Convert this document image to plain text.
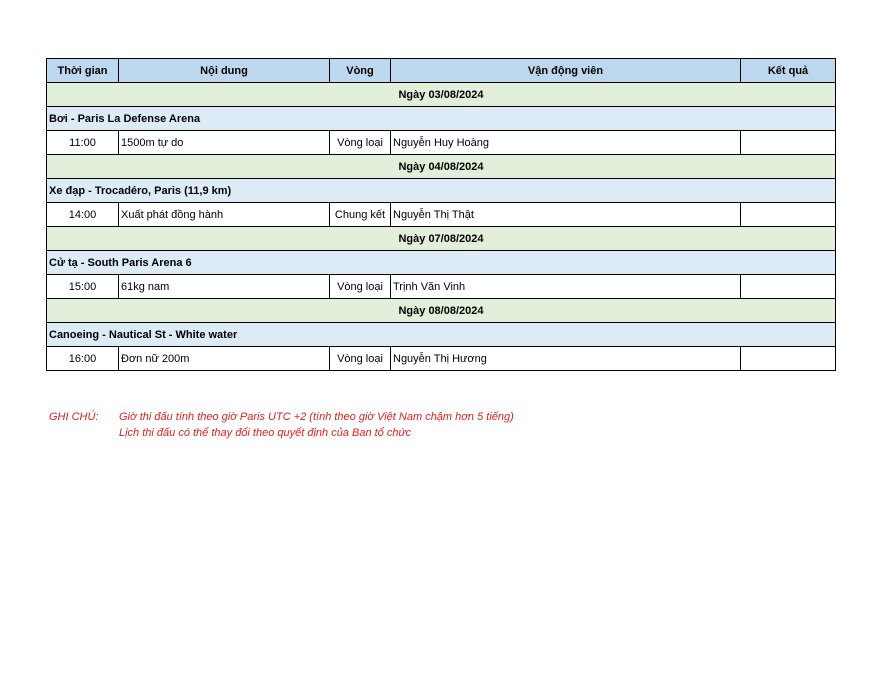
Thời gian	Nội dung	Vòng	Vận động viên	Kết quả
Ngày 03/08/2024				
Bơi - Paris La Defense Arena				
11:00	1500m tự do	Vòng loại	Nguyễn Huy Hoàng	
Ngày 04/08/2024				
Xe đạp - Trocadéro, Paris (11,9 km)				
14:00	Xuất phát đồng hành	Chung kết	Nguyễn Thị Thật	
Ngày 07/08/2024				
Cử tạ - South Paris Arena 6				
15:00	61kg nam	Vòng loại	Trịnh Văn Vinh	
Ngày 08/08/2024				
Canoeing - Nautical St - White water				
16:00	Đơn nữ 200m	Vòng loại	Nguyễn Thị Hương	
GHI CHÚ: Giờ thi đấu tính theo giờ Paris UTC +2 (tính theo giờ Việt Nam chậm hơn 5 tiếng)
Lịch thi đấu có thể thay đổi theo quyết định của Ban tổ chức
